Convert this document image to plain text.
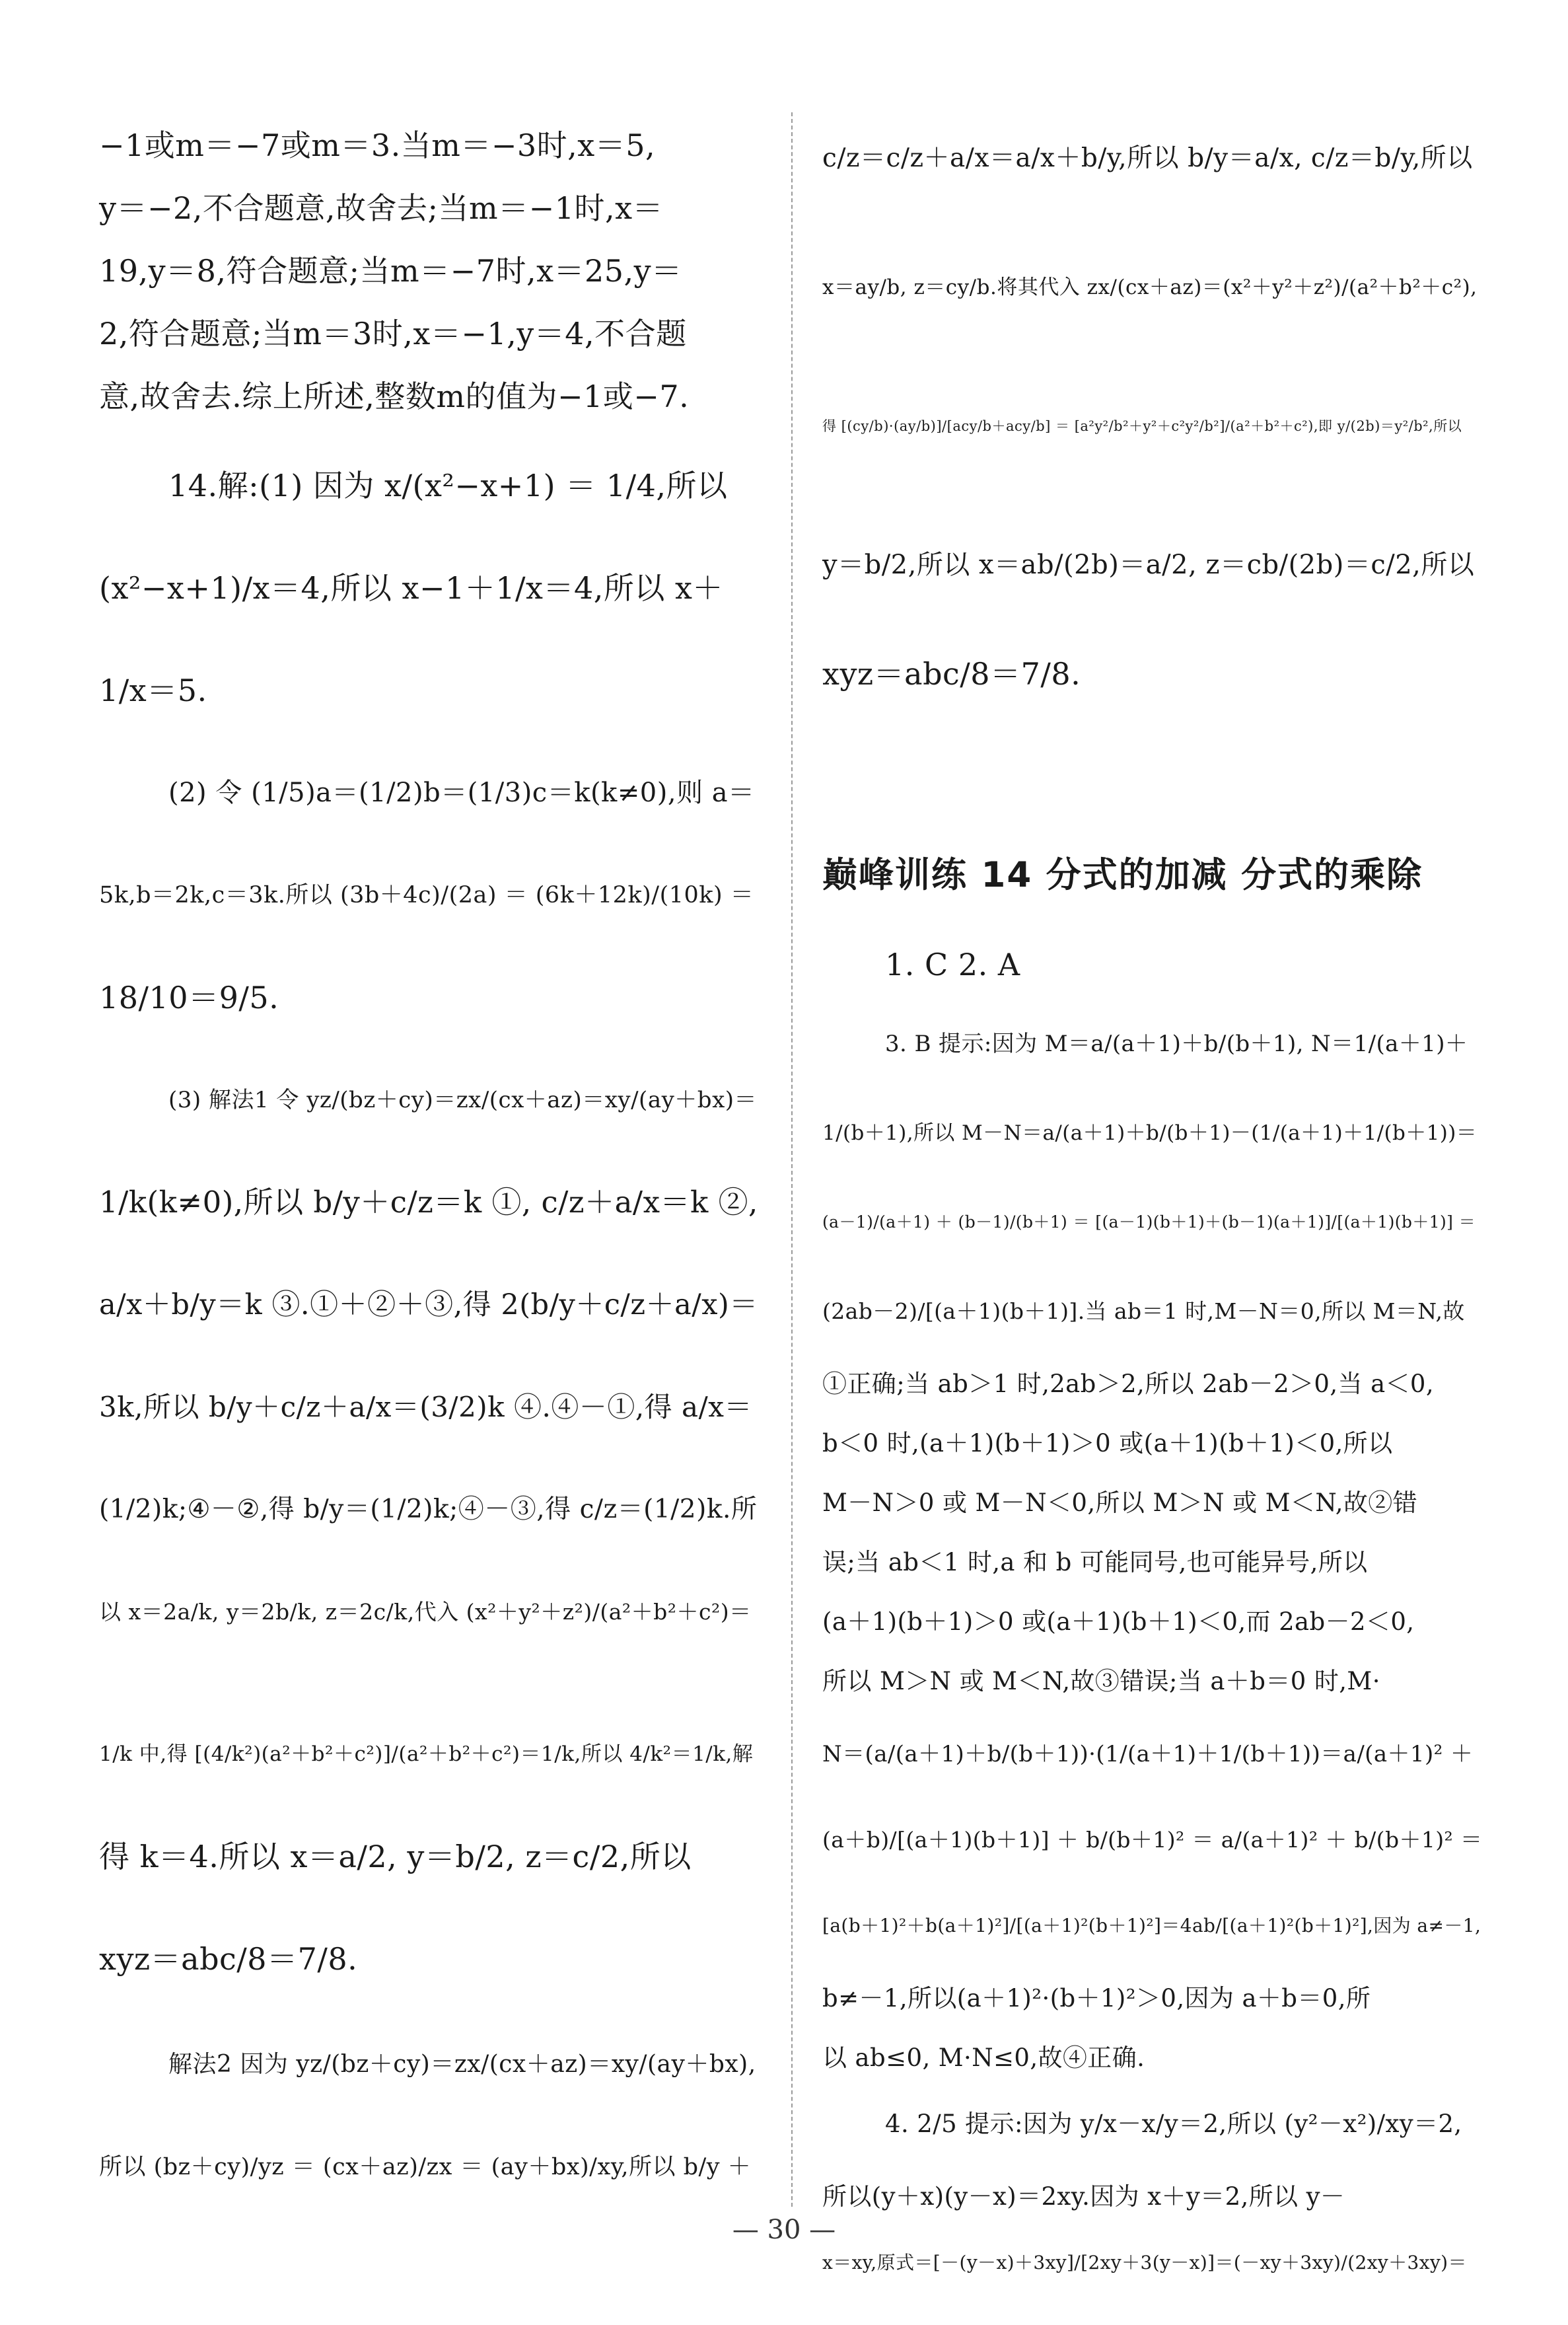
−1或m＝−7或m＝3.当m＝−3时,x＝5,
y＝−2,不合题意,故舍去;当m＝−1时,x＝
19,y＝8,符合题意;当m＝−7时,x＝25,y＝
2,符合题意;当m＝3时,x＝−1,y＝4,不合题
意,故舍去.综上所述,整数m的值为−1或−7.
14.解:(1) 因为 x/(x²−x+1) ＝ 1/4,所以
(x²−x+1)/x＝4,所以 x−1＋1/x＝4,所以 x＋
1/x＝5.
(2) 令 (1/5)a＝(1/2)b＝(1/3)c＝k(k≠0),则 a＝
5k,b＝2k,c＝3k.所以 (3b＋4c)/(2a) ＝ (6k＋12k)/(10k) ＝
18/10＝9/5.
(3) 解法1 令 yz/(bz＋cy)＝zx/(cx＋az)＝xy/(ay＋bx)＝
1/k(k≠0),所以 b/y＋c/z＝k ①, c/z＋a/x＝k ②,
a/x＋b/y＝k ③.①＋②＋③,得 2(b/y＋c/z＋a/x)＝
3k,所以 b/y＋c/z＋a/x＝(3/2)k ④.④－①,得 a/x＝
(1/2)k;④－②,得 b/y＝(1/2)k;④－③,得 c/z＝(1/2)k.所
以 x＝2a/k, y＝2b/k, z＝2c/k,代入 (x²＋y²＋z²)/(a²＋b²＋c²)＝
1/k 中,得 [(4/k²)(a²＋b²＋c²)]/(a²＋b²＋c²)＝1/k,所以 4/k²＝1/k,解
得 k＝4.所以 x＝a/2, y＝b/2, z＝c/2,所以
xyz＝abc/8＝7/8.
解法2 因为 yz/(bz＋cy)＝zx/(cx＋az)＝xy/(ay＋bx),
所以 (bz＋cy)/yz ＝ (cx＋az)/zx ＝ (ay＋bx)/xy,所以 b/y ＋
c/z＝c/z＋a/x＝a/x＋b/y,所以 b/y＝a/x, c/z＝b/y,所以
x＝ay/b, z＝cy/b.将其代入 zx/(cx＋az)＝(x²＋y²＋z²)/(a²＋b²＋c²),
得 [(cy/b)·(ay/b)]/[acy/b＋acy/b] ＝ [a²y²/b²＋y²＋c²y²/b²]/(a²＋b²＋c²),即 y/(2b)＝y²/b²,所以
y＝b/2,所以 x＝ab/(2b)＝a/2, z＝cb/(2b)＝c/2,所以
xyz＝abc/8＝7/8.
巅峰训练 14 分式的加减 分式的乘除
1. C 2. A
3. B 提示:因为 M＝a/(a＋1)＋b/(b＋1), N＝1/(a＋1)＋
1/(b＋1),所以 M－N＝a/(a＋1)＋b/(b＋1)－(1/(a＋1)＋1/(b＋1))＝
(a－1)/(a＋1) ＋ (b－1)/(b＋1) ＝ [(a－1)(b＋1)＋(b－1)(a＋1)]/[(a＋1)(b＋1)] ＝
(2ab－2)/[(a＋1)(b＋1)].当 ab＝1 时,M－N＝0,所以 M＝N,故
①正确;当 ab＞1 时,2ab＞2,所以 2ab－2＞0,当 a＜0,
b＜0 时,(a＋1)(b＋1)＞0 或(a＋1)(b＋1)＜0,所以
M－N＞0 或 M－N＜0,所以 M＞N 或 M＜N,故②错
误;当 ab＜1 时,a 和 b 可能同号,也可能异号,所以
(a＋1)(b＋1)＞0 或(a＋1)(b＋1)＜0,而 2ab－2＜0,
所以 M＞N 或 M＜N,故③错误;当 a＋b＝0 时,M·
N＝(a/(a＋1)＋b/(b＋1))·(1/(a＋1)＋1/(b＋1))＝a/(a＋1)² ＋
(a＋b)/[(a＋1)(b＋1)] ＋ b/(b＋1)² ＝ a/(a＋1)² ＋ b/(b＋1)² ＝
[a(b＋1)²＋b(a＋1)²]/[(a＋1)²(b＋1)²]＝4ab/[(a＋1)²(b＋1)²],因为 a≠－1,
b≠－1,所以(a＋1)²·(b＋1)²＞0,因为 a＋b＝0,所
以 ab≤0, M·N≤0,故④正确.
4. 2/5 提示:因为 y/x－x/y＝2,所以 (y²－x²)/xy＝2,
所以(y＋x)(y－x)＝2xy.因为 x＋y＝2,所以 y－
x＝xy,原式＝[－(y－x)＋3xy]/[2xy＋3(y－x)]＝(－xy＋3xy)/(2xy＋3xy)＝
— 30 —
